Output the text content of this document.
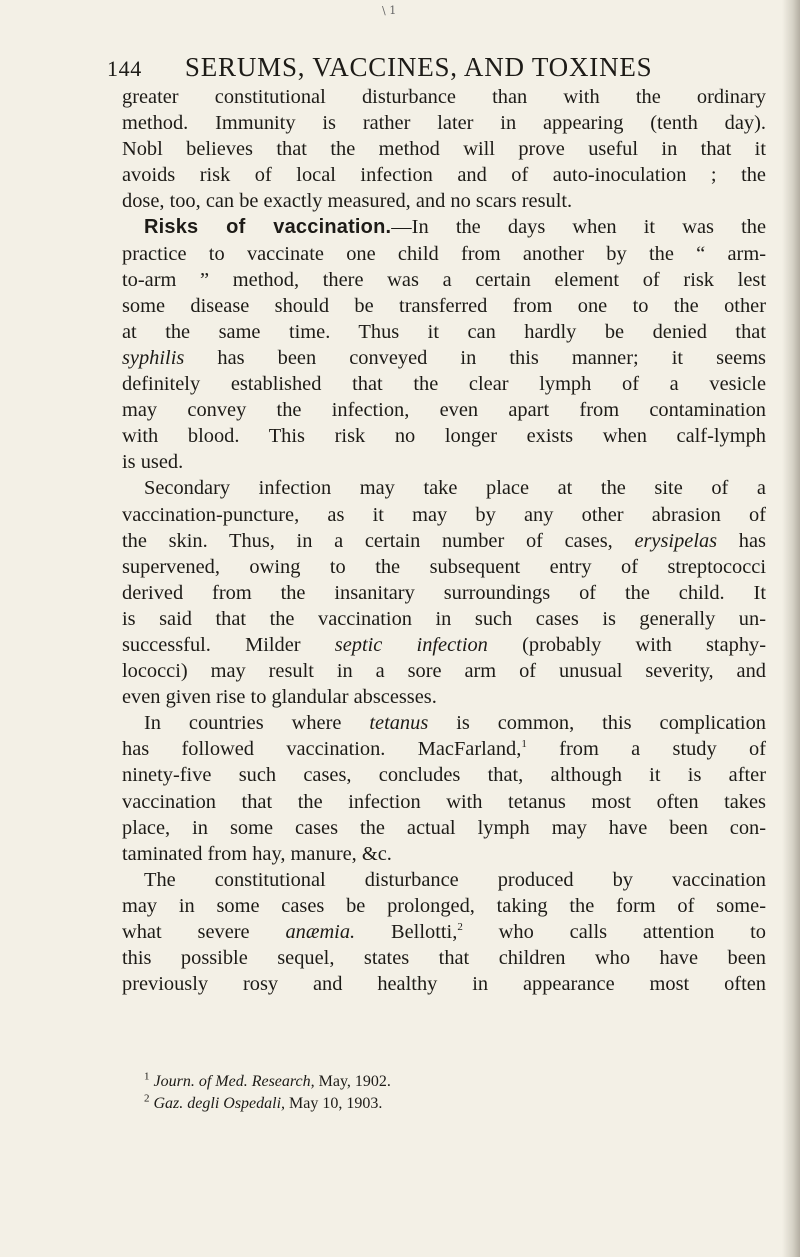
\ 1
144 SERUMS, VACCINES, AND TOXINES
greater constitutional disturbance than with the ordinary
method. Immunity is rather later in appearing (tenth day).
Nobl believes that the method will prove useful in that it
avoids risk of local infection and of auto-inoculation ; the
dose, too, can be exactly measured, and no scars result.
Risks of vaccination.—In the days when it was the
practice to vaccinate one child from another by the “ arm-
to-arm ” method, there was a certain element of risk lest
some disease should be transferred from one to the other
at the same time. Thus it can hardly be denied that
syphilis has been conveyed in this manner; it seems
definitely established that the clear lymph of a vesicle
may convey the infection, even apart from contamination
with blood. This risk no longer exists when calf-lymph
is used.
Secondary infection may take place at the site of a
vaccination-puncture, as it may by any other abrasion of
the skin. Thus, in a certain number of cases, erysipelas has
supervened, owing to the subsequent entry of streptococci
derived from the insanitary surroundings of the child. It
is said that the vaccination in such cases is generally un-
successful. Milder septic infection (probably with staphy-
lococci) may result in a sore arm of unusual severity, and
even given rise to glandular abscesses.
In countries where tetanus is common, this complication
has followed vaccination. MacFarland,$^1$ from a study of
ninety-five such cases, concludes that, although it is after
vaccination that the infection with tetanus most often takes
place, in some cases the actual lymph may have been con-
taminated from hay, manure, &c.
The constitutional disturbance produced by vaccination
may in some cases be prolonged, taking the form of some-
what severe anæmia. Bellotti,$^2$ who calls attention to
this possible sequel, states that children who have been
previously rosy and healthy in appearance most often
$^1$ Journ. of Med. Research, May, 1902.
$^2$ Gaz. degli Ospedali, May 10, 1903.
